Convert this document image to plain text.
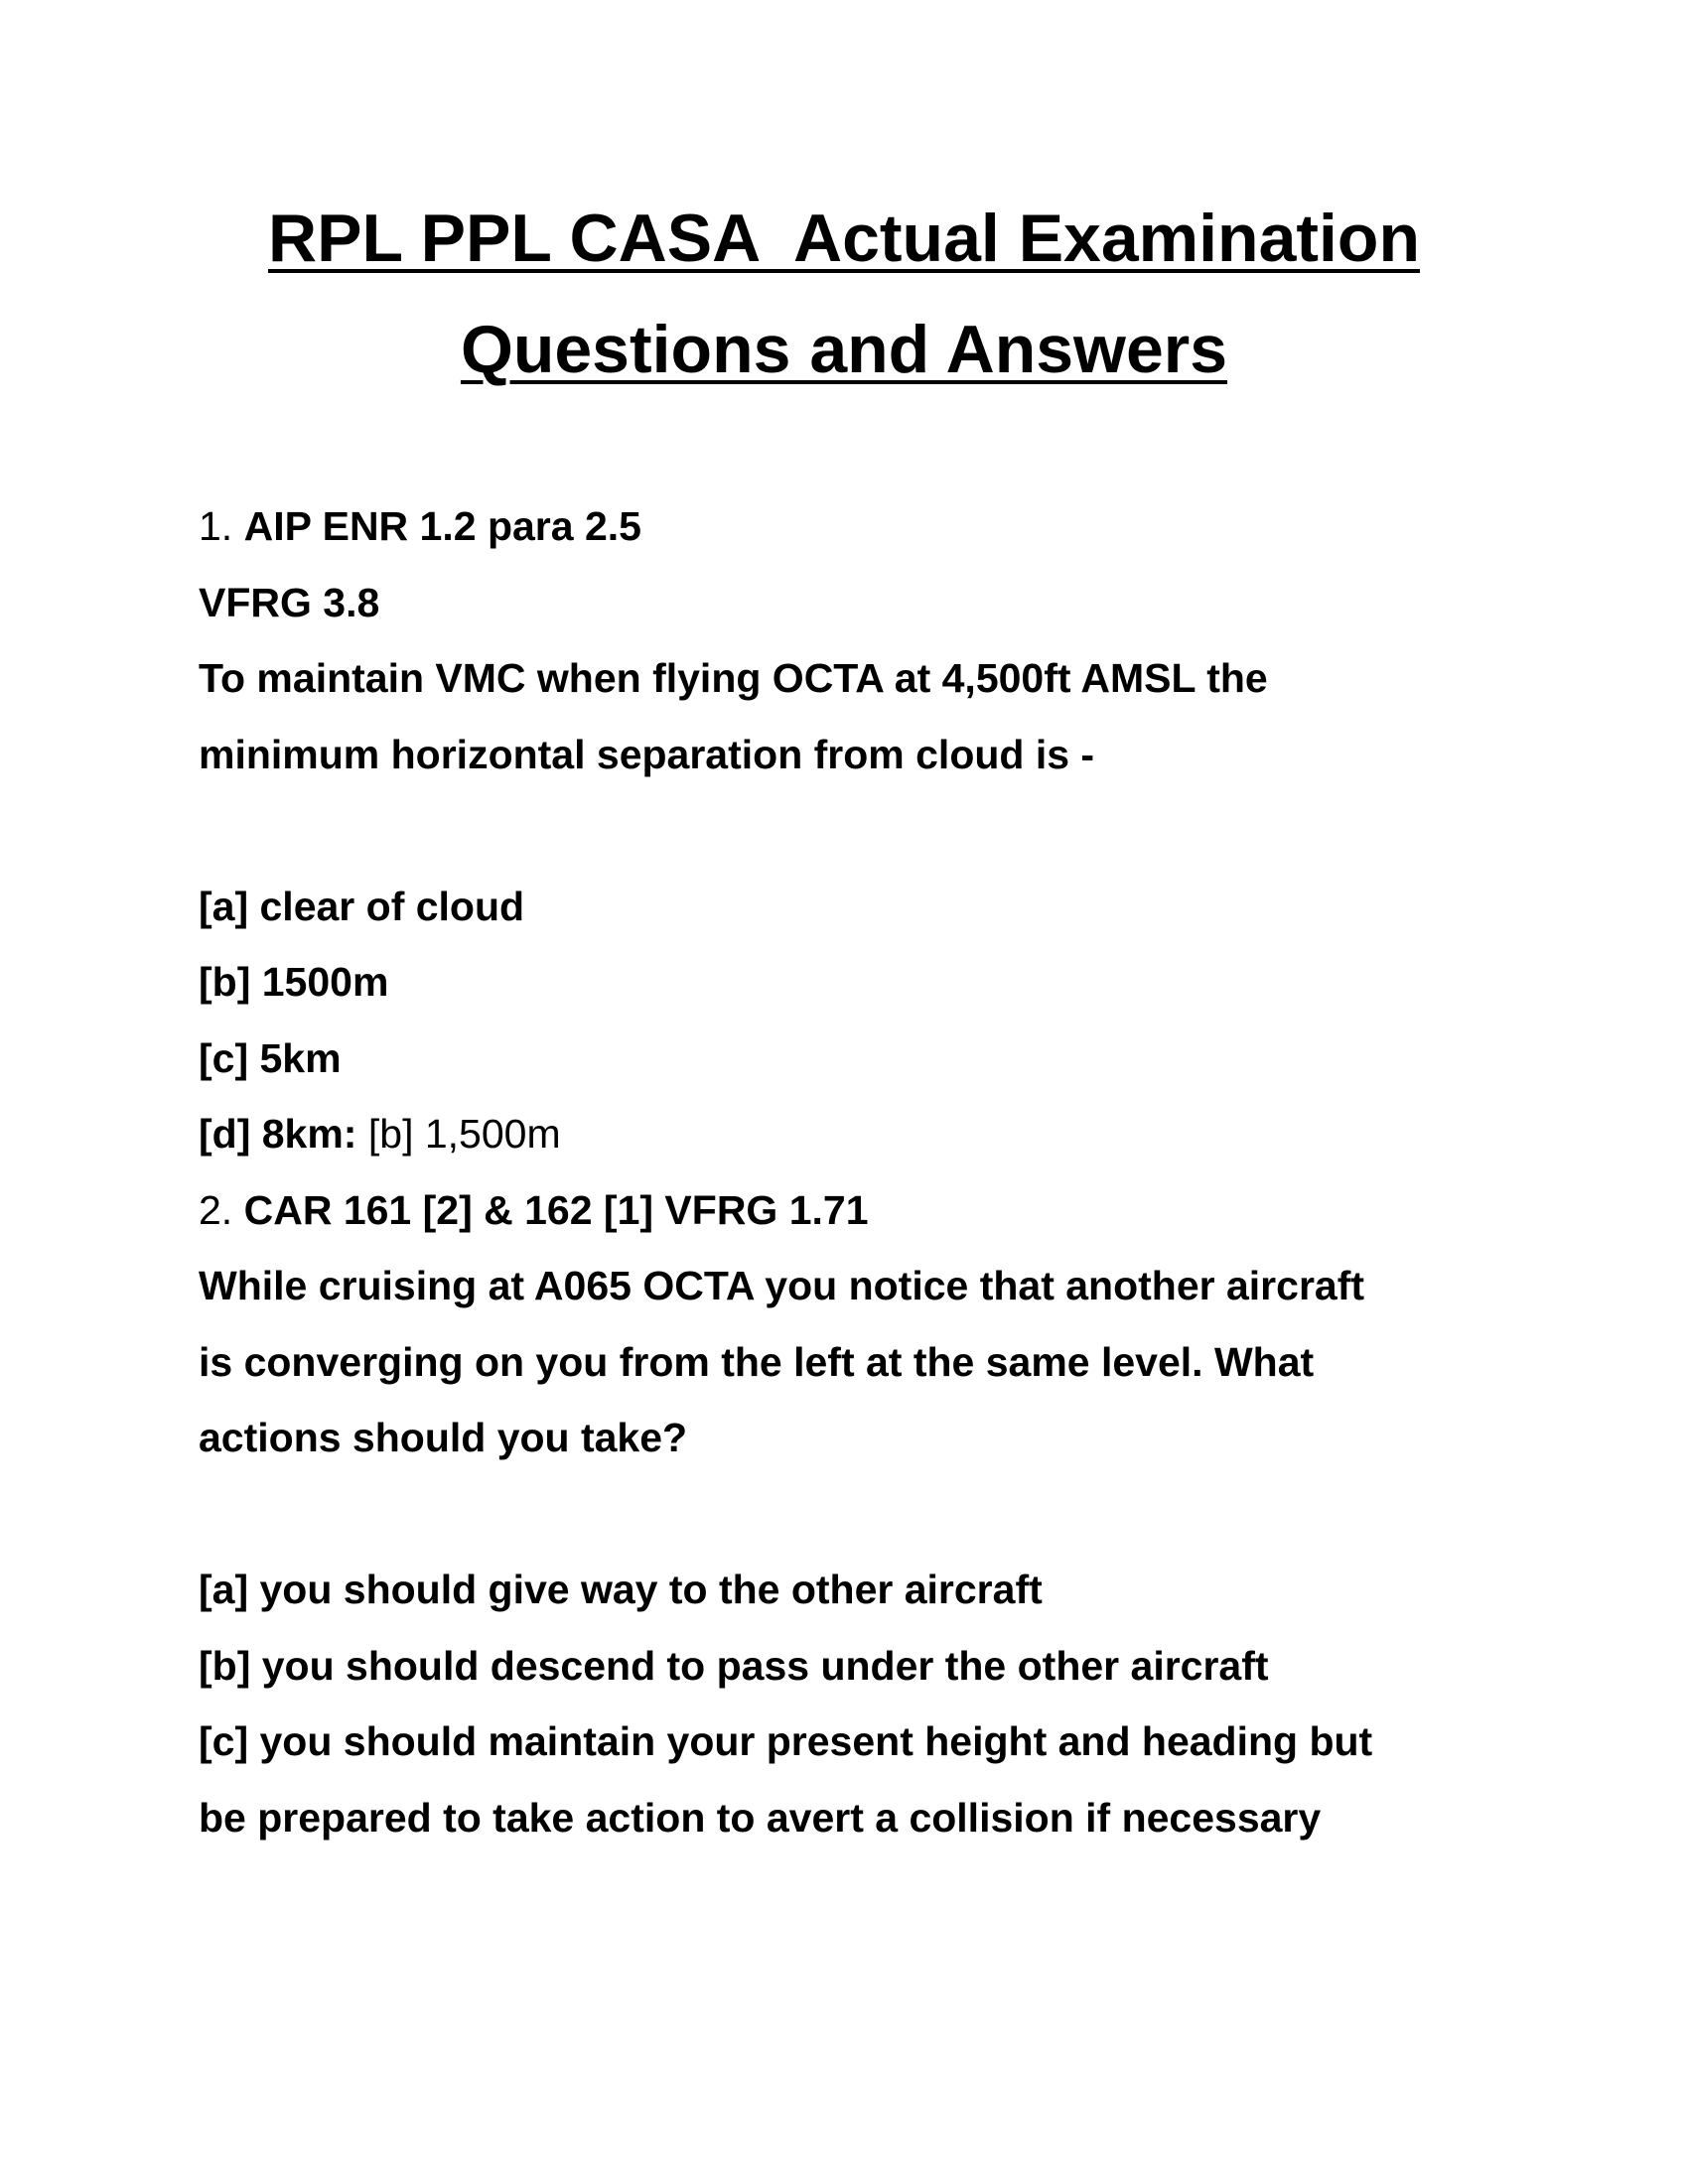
RPL PPL CASA  Actual Examination
Questions and Answers
1. AIP ENR 1.2 para 2.5
VFRG 3.8
To maintain VMC when flying OCTA at 4,500ft AMSL the
minimum horizontal separation from cloud is -
[a] clear of cloud
[b] 1500m
[c] 5km
[d] 8km: [b] 1,500m
2. CAR 161 [2] & 162 [1] VFRG 1.71
While cruising at A065 OCTA you notice that another aircraft
is converging on you from the left at the same level. What
actions should you take?
[a] you should give way to the other aircraft
[b] you should descend to pass under the other aircraft
[c] you should maintain your present height and heading but
be prepared to take action to avert a collision if necessary
